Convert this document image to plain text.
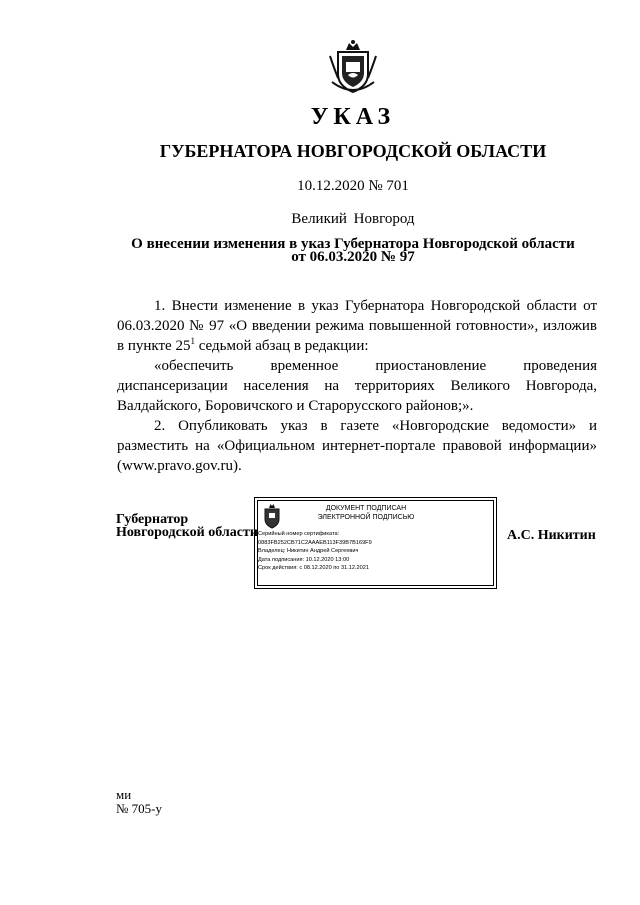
УКАЗ
ГУБЕРНАТОРА НОВГОРОДСКОЙ ОБЛАСТИ
10.12.2020 № 701
Великий Новгород
О внесении изменения в указ Губернатора Новгородской области
от 06.03.2020 № 97

1. Внести изменение в указ Губернатора Новгородской области от 06.03.2020 № 97 «О введении режима повышенной готовности», изложив в пункте $25^1$ седьмой абзац в редакции:

«обеспечить временное приостановление проведения диспансеризации населения на территориях Великого Новгорода, Валдайского, Боровичского и Старорусского районов;».

2. Опубликовать указ в газете «Новгородские ведомости» и разместить на «Официальном интернет-портале правовой информации» (www.pravo.gov.ru).

Губернатор
Новгородской области
ДОКУМЕНТ ПОДПИСАН
ЭЛЕКТРОННОЙ ПОДПИСЬЮ
Серийный номер сертификата:
0883FB252CB71C2AAAEB113F39B7B169F9
Владелец: Никитин Андрей Сергеевич
Дата подписания: 10.12.2020 13:00
Срок действия: с 08.12.2020 по 31.12.2021
А.С. Никитин
ми
№ 705-у
